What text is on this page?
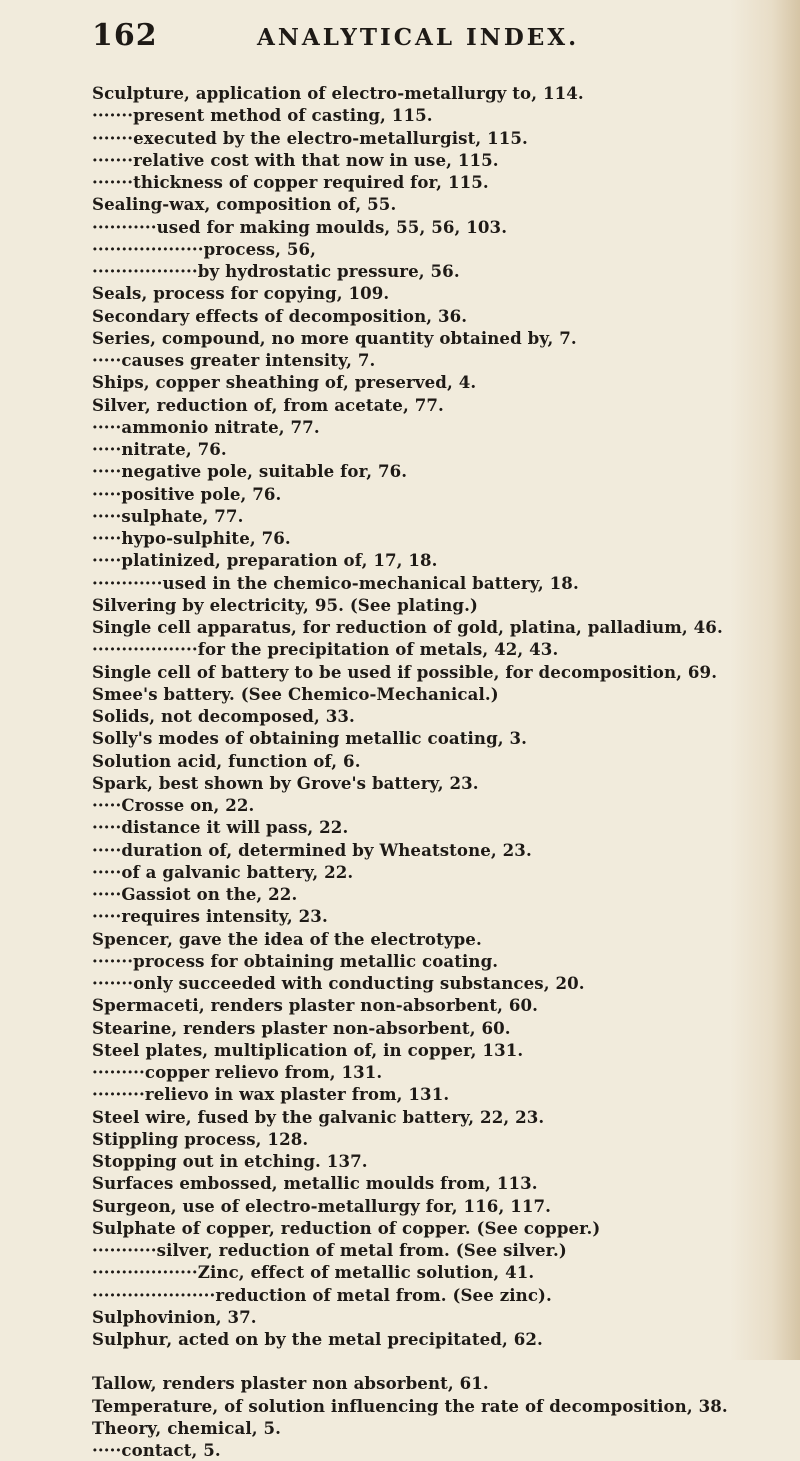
162	ANALYTICAL INDEX.
Sculpture, application of electro-metallurgy to, 114.
·······present method of casting, 115.
·······executed by the electro-metallurgist, 115.
·······relative cost with that now in use, 115.
·······thickness of copper required for, 115.
Sealing-wax, composition of, 55.
···········used for making moulds, 55, 56, 103.
···················process, 56,
··················by hydrostatic pressure, 56.
Seals, process for copying, 109.
Secondary effects of decomposition, 36.
Series, compound, no more quantity obtained by, 7.
·····causes greater intensity, 7.
Ships, copper sheathing of, preserved, 4.
Silver, reduction of, from acetate, 77.
·····ammonio nitrate, 77.
·····nitrate, 76.
·····negative pole, suitable for, 76.
·····positive pole, 76.
·····sulphate, 77.
·····hypo-sulphite, 76.
·····platinized, preparation of, 17, 18.
············used in the chemico-mechanical battery, 18.
Silvering by electricity, 95. (See plating.)
Single cell apparatus, for reduction of gold, platina, palladium, 46.
··················for the precipitation of metals, 42, 43.
Single cell of battery to be used if possible, for decomposition, 69.
Smee's battery. (See Chemico-Mechanical.)
Solids, not decomposed, 33.
Solly's modes of obtaining metallic coating, 3.
Solution acid, function of, 6.
Spark, best shown by Grove's battery, 23.
·····Crosse on, 22.
·····distance it will pass, 22.
·····duration of, determined by Wheatstone, 23.
·····of a galvanic battery, 22.
·····Gassiot on the, 22.
·····requires intensity, 23.
Spencer, gave the idea of the electrotype.
·······process for obtaining metallic coating.
·······only succeeded with conducting substances, 20.
Spermaceti, renders plaster non-absorbent, 60.
Stearine, renders plaster non-absorbent, 60.
Steel plates, multiplication of, in copper, 131.
·········copper relievo from, 131.
·········relievo in wax plaster from, 131.
Steel wire, fused by the galvanic battery, 22, 23.
Stippling process, 128.
Stopping out in etching. 137.
Surfaces embossed, metallic moulds from, 113.
Surgeon, use of electro-metallurgy for, 116, 117.
Sulphate of copper, reduction of copper. (See copper.)
···········silver, reduction of metal from. (See silver.)
··················Zinc, effect of metallic solution, 41.
·····················reduction of metal from. (See zinc).
Sulphovinion, 37.
Sulphur, acted on by the metal precipitated, 62.
Tallow, renders plaster non absorbent, 61.
Temperature, of solution influencing the rate of decomposition, 38.
Theory, chemical, 5.
·····contact, 5.
